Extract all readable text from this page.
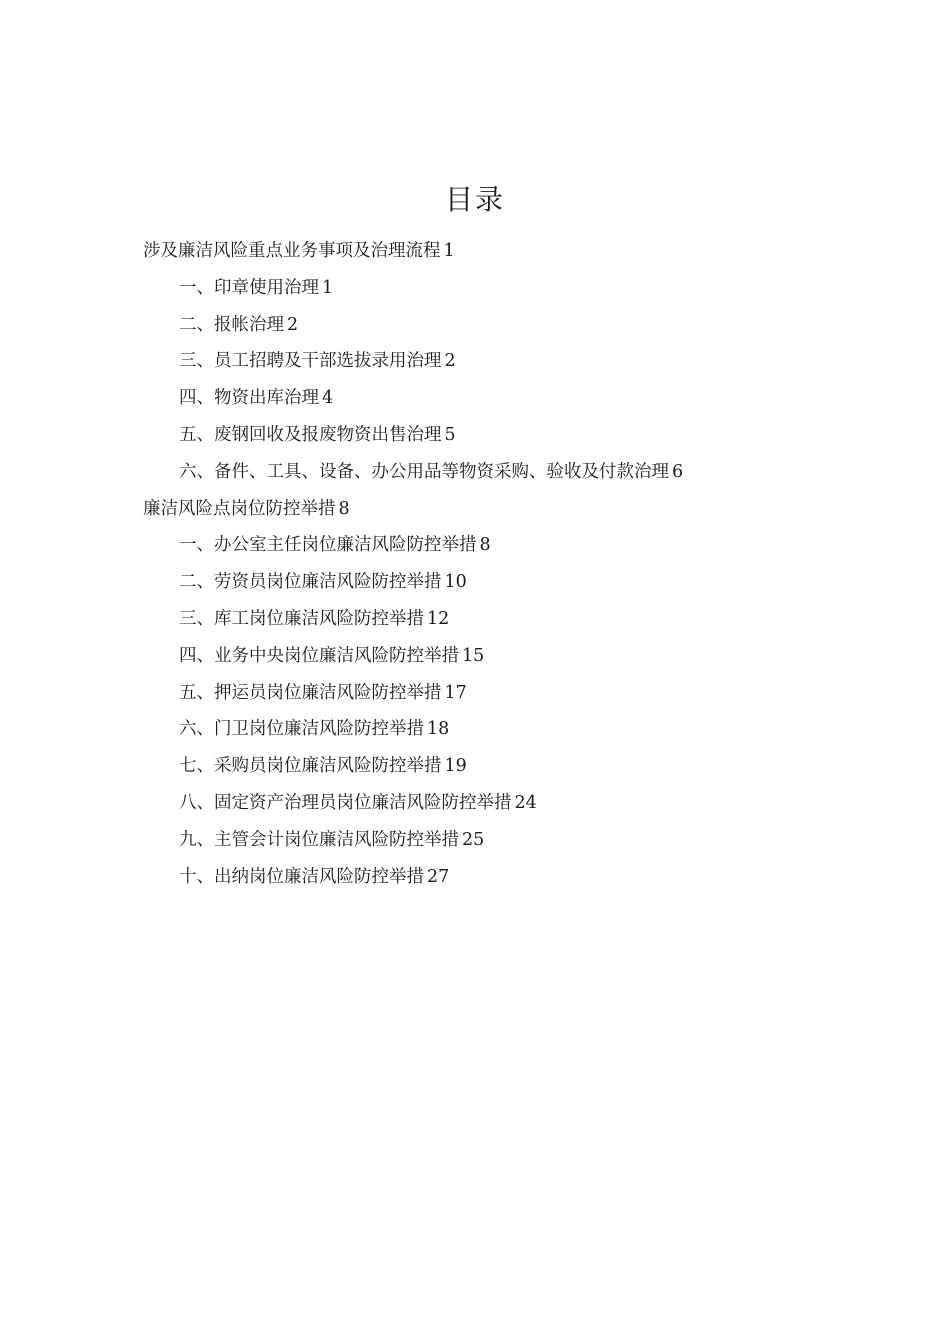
目录
涉及廉洁风险重点业务事项及治理流程 1
一、印章使用治理 1
二、报帐治理 2
三、员工招聘及干部选拔录用治理 2
四、物资出库治理 4
五、废钢回收及报废物资出售治理 5
六、备件、工具、设备、办公用品等物资采购、验收及付款治理 6
廉洁风险点岗位防控举措 8
一、办公室主任岗位廉洁风险防控举措 8
二、劳资员岗位廉洁风险防控举措 10
三、库工岗位廉洁风险防控举措 12
四、业务中央岗位廉洁风险防控举措 15
五、押运员岗位廉洁风险防控举措 17
六、门卫岗位廉洁风险防控举措 18
七、采购员岗位廉洁风险防控举措 19
八、固定资产治理员岗位廉洁风险防控举措 24
九、主管会计岗位廉洁风险防控举措 25
十、出纳岗位廉洁风险防控举措 27
